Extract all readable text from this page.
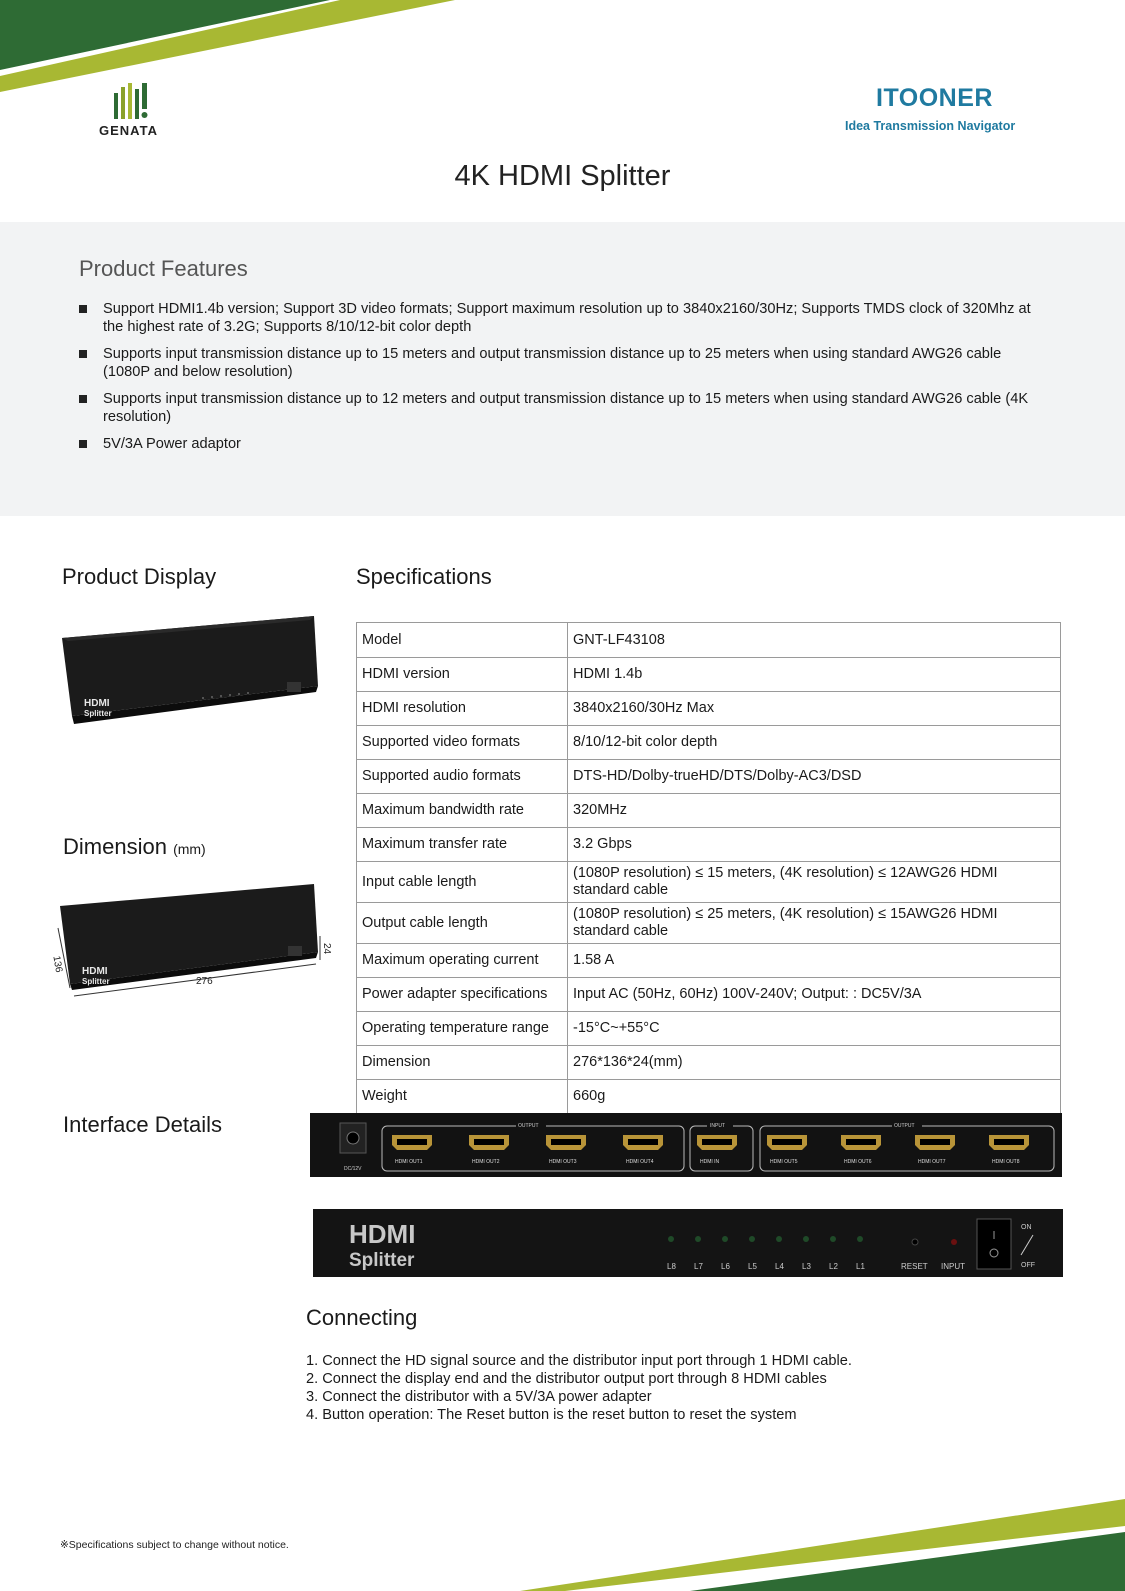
GENATA
ITOONER
Idea Transmission Navigator
4K HDMI Splitter
Product Features
Support HDMI1.4b version; Support 3D video formats; Support maximum resolution up to 3840x2160/30Hz; Supports TMDS clock of 320Mhz at the highest rate of 3.2G; Supports 8/10/12-bit color depth
Supports input transmission distance up to 15 meters and output transmission distance up to 25 meters when using standard AWG26 cable (1080P and below resolution)
Supports input transmission distance up to 12 meters and output transmission distance up to 15 meters when using standard AWG26 cable (4K resolution)
5V/3A Power adaptor
Product Display
HDMI
Splitter
Dimension (mm)
HDMI
Splitter
136
276
24
Specifications
Model	GNT-LF43108
HDMI version	HDMI 1.4b
HDMI resolution	3840x2160/30Hz Max
Supported video formats	8/10/12-bit color depth
Supported audio formats	DTS-HD/Dolby-trueHD/DTS/Dolby-AC3/DSD
Maximum bandwidth rate	320MHz
Maximum transfer rate	3.2 Gbps
Input cable length	(1080P resolution) ≤ 15 meters, (4K resolution) ≤ 12AWG26 HDMI standard cable
Output cable length	(1080P resolution) ≤ 25 meters, (4K resolution) ≤ 15AWG26 HDMI standard cable
Maximum operating current	1.58 A
Power adapter specifications	Input AC (50Hz, 60Hz) 100V-240V; Output: : DC5V/3A
Operating temperature range	-15°C~+55°C
Dimension	276*136*24(mm)
Weight	660g
Interface Details
DC/12V
OUTPUT	INPUT	OUTPUT
HDMI OUT1	HDMI OUT2	HDMI OUT3	HDMI OUT4	HDMI IN	HDMI OUT5	HDMI OUT6	HDMI OUT7	HDMI OUT8
HDMI
Splitter	L8 L7 L6 L5 L4 L3 L2 L1	RESET INPUT
ON
OFF
Connecting
1. Connect the HD signal source and the distributor input port through 1 HDMI cable.
2. Connect the display end and the distributor output port through 8 HDMI cables
3. Connect the distributor with a 5V/3A power adapter
4. Button operation: The Reset button is the reset button to reset the system
※Specifications subject to change without notice.
